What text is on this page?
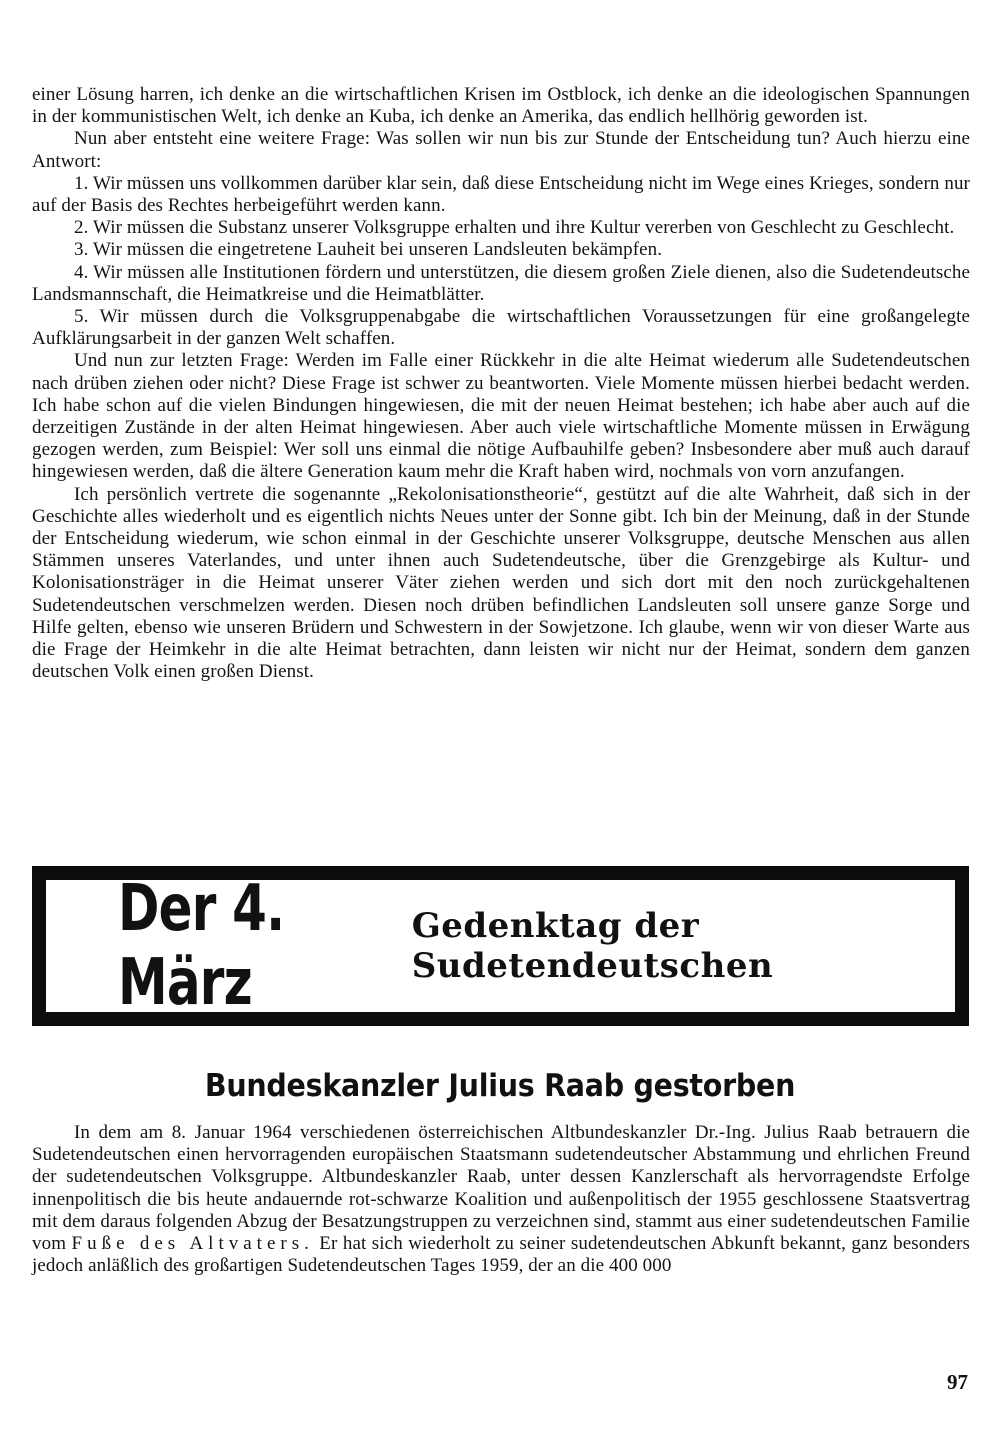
einer Lösung harren, ich denke an die wirtschaftlichen Krisen im Ostblock, ich denke an die ideologischen Spannungen in der kommunistischen Welt, ich denke an Kuba, ich denke an Amerika, das endlich hellhörig geworden ist.

Nun aber entsteht eine weitere Frage: Was sollen wir nun bis zur Stunde der Entscheidung tun? Auch hierzu eine Antwort:

1. Wir müssen uns vollkommen darüber klar sein, daß diese Entscheidung nicht im Wege eines Krieges, sondern nur auf der Basis des Rechtes herbeigeführt werden kann.

2. Wir müssen die Substanz unserer Volksgruppe erhalten und ihre Kultur vererben von Geschlecht zu Geschlecht.

3. Wir müssen die eingetretene Lauheit bei unseren Landsleuten bekämpfen.

4. Wir müssen alle Institutionen fördern und unterstützen, die diesem großen Ziele dienen, also die Sudetendeutsche Landsmannschaft, die Heimatkreise und die Heimatblätter.

5. Wir müssen durch die Volksgruppenabgabe die wirtschaftlichen Voraussetzungen für eine großangelegte Aufklärungsarbeit in der ganzen Welt schaffen.

Und nun zur letzten Frage: Werden im Falle einer Rückkehr in die alte Heimat wiederum alle Sudetendeutschen nach drüben ziehen oder nicht? Diese Frage ist schwer zu beantworten. Viele Momente müssen hierbei bedacht werden. Ich habe schon auf die vielen Bindungen hingewiesen, die mit der neuen Heimat bestehen; ich habe aber auch auf die derzeitigen Zustände in der alten Heimat hingewiesen. Aber auch viele wirtschaftliche Momente müssen in Erwägung gezogen werden, zum Beispiel: Wer soll uns einmal die nötige Aufbauhilfe geben? Insbesondere aber muß auch darauf hingewiesen werden, daß die ältere Generation kaum mehr die Kraft haben wird, nochmals von vorn anzufangen.

Ich persönlich vertrete die sogenannte „Rekolonisationstheorie“, gestützt auf die alte Wahrheit, daß sich in der Geschichte alles wiederholt und es eigentlich nichts Neues unter der Sonne gibt. Ich bin der Meinung, daß in der Stunde der Entscheidung wiederum, wie schon einmal in der Geschichte unserer Volksgruppe, deutsche Menschen aus allen Stämmen unseres Vaterlandes, und unter ihnen auch Sudetendeutsche, über die Grenzgebirge als Kultur- und Kolonisationsträger in die Heimat unserer Väter ziehen werden und sich dort mit den noch zurückgehaltenen Sudetendeutschen verschmelzen werden. Diesen noch drüben befindlichen Landsleuten soll unsere ganze Sorge und Hilfe gelten, ebenso wie unseren Brüdern und Schwestern in der Sowjetzone. Ich glaube, wenn wir von dieser Warte aus die Frage der Heimkehr in die alte Heimat betrachten, dann leisten wir nicht nur der Heimat, sondern dem ganzen deutschen Volk einen großen Dienst.

Der 4. März
Gedenktag der Sudetendeutschen
Bundeskanzler Julius Raab gestorben

In dem am 8. Januar 1964 verschiedenen österreichischen Altbundeskanzler Dr.-Ing. Julius Raab betrauern die Sudetendeutschen einen hervorragenden europäischen Staatsmann sudetendeutscher Abstammung und ehrlichen Freund der sudetendeutschen Volksgruppe. Altbundeskanzler Raab, unter dessen Kanzlerschaft als hervorragendste Erfolge innenpolitisch die bis heute andauernde rot-schwarze Koalition und außenpolitisch der 1955 geschlossene Staatsvertrag mit dem daraus folgenden Abzug der Besatzungstruppen zu verzeichnen sind, stammt aus einer sudetendeutschen Familie vom Fuße des Altvaters. Er hat sich wiederholt zu seiner sudetendeutschen Abkunft bekannt, ganz besonders jedoch anläßlich des großartigen Sudetendeutschen Tages 1959, der an die 400 000

97
